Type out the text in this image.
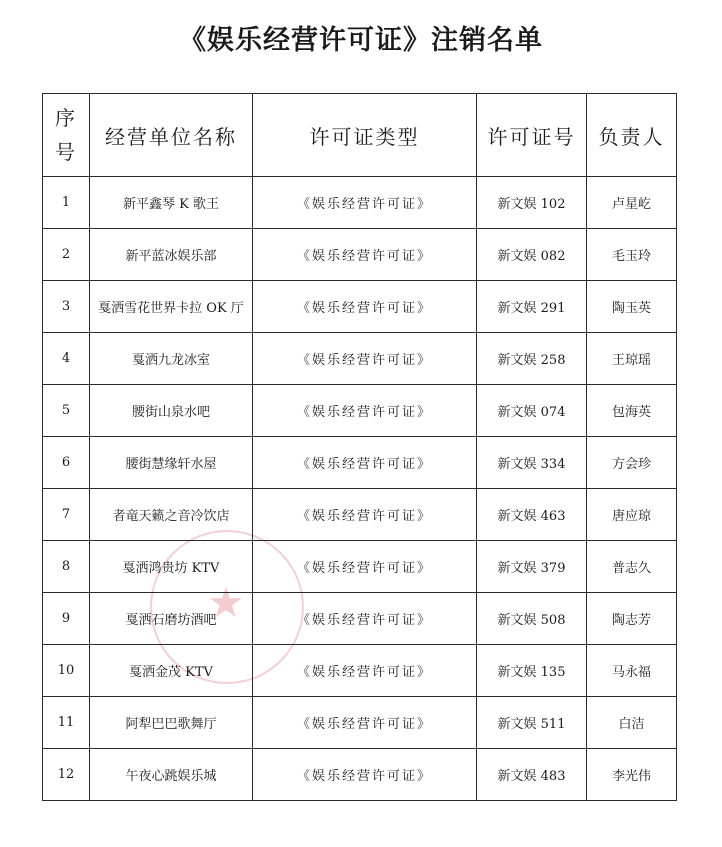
《娱乐经营许可证》注销名单
★
序号	经营单位名称	许可证类型	许可证号	负责人
1	新平鑫琴 K 歌王	《娱乐经营许可证》	新文娱 102	卢星屹
2	新平蓝冰娱乐部	《娱乐经营许可证》	新文娱 082	毛玉玲
3	戛洒雪花世界卡拉 OK 厅	《娱乐经营许可证》	新文娱 291	陶玉英
4	戛洒九龙冰室	《娱乐经营许可证》	新文娱 258	王琼瑶
5	腰街山泉水吧	《娱乐经营许可证》	新文娱 074	包海英
6	腰街慧缘轩水屋	《娱乐经营许可证》	新文娱 334	方会珍
7	者竜天籁之音冷饮店	《娱乐经营许可证》	新文娱 463	唐应琼
8	戛洒鸿贵坊 KTV	《娱乐经营许可证》	新文娱 379	普志久
9	戛洒石磨坊酒吧	《娱乐经营许可证》	新文娱 508	陶志芳
10	戛洒金茂 KTV	《娱乐经营许可证》	新文娱 135	马永福
11	阿犁巴巴歌舞厅	《娱乐经营许可证》	新文娱 511	白洁
12	午夜心跳娱乐城	《娱乐经营许可证》	新文娱 483	李光伟
